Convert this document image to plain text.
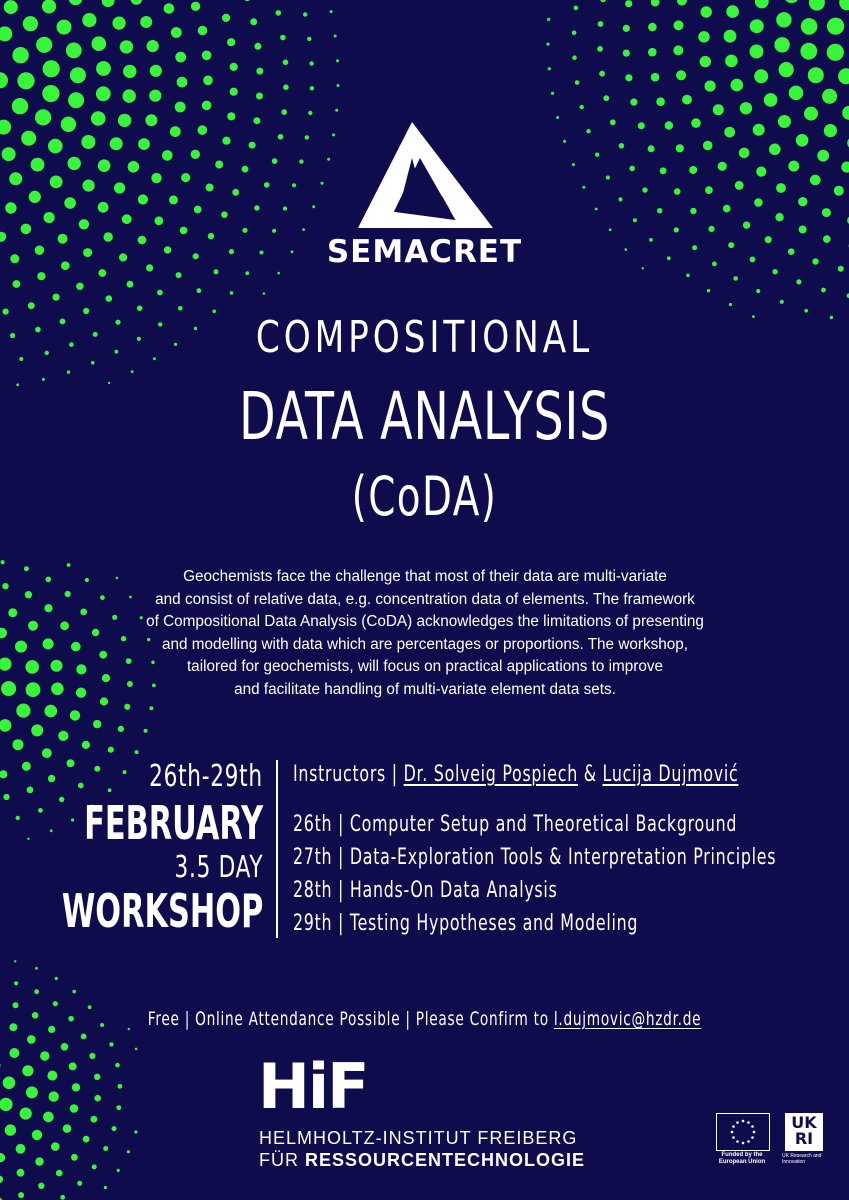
SEMACRET
COMPOSITIONAL
DATA ANALYSIS
(CoDA)
Geochemists face the challenge that most of their data are multi-variate
and consist of relative data, e.g. concentration data of elements. The framework
of Compositional Data Analysis (CoDA) acknowledges the limitations of presenting
and modelling with data which are percentages or proportions. The workshop,
tailored for geochemists, will focus on practical applications to improve
and facilitate handling of multi-variate element data sets.
26th-29th
FEBRUARY
3.5 DAY
WORKSHOP
Instructors | Dr. Solveig Pospiech & Lucija Dujmović
26th | Computer Setup and Theoretical Background
27th | Data-Exploration Tools & Interpretation Principles
28th | Hands-On Data Analysis
29th | Testing Hypotheses and Modeling
Free | Online Attendance Possible | Please Confirm to l.dujmovic@hzdr.de
HiF
HELMHOLTZ-INSTITUT FREIBERG
FÜR RESSOURCENTECHNOLOGIE	Funded by the European Union
UKRI
UK Research and Innovation
